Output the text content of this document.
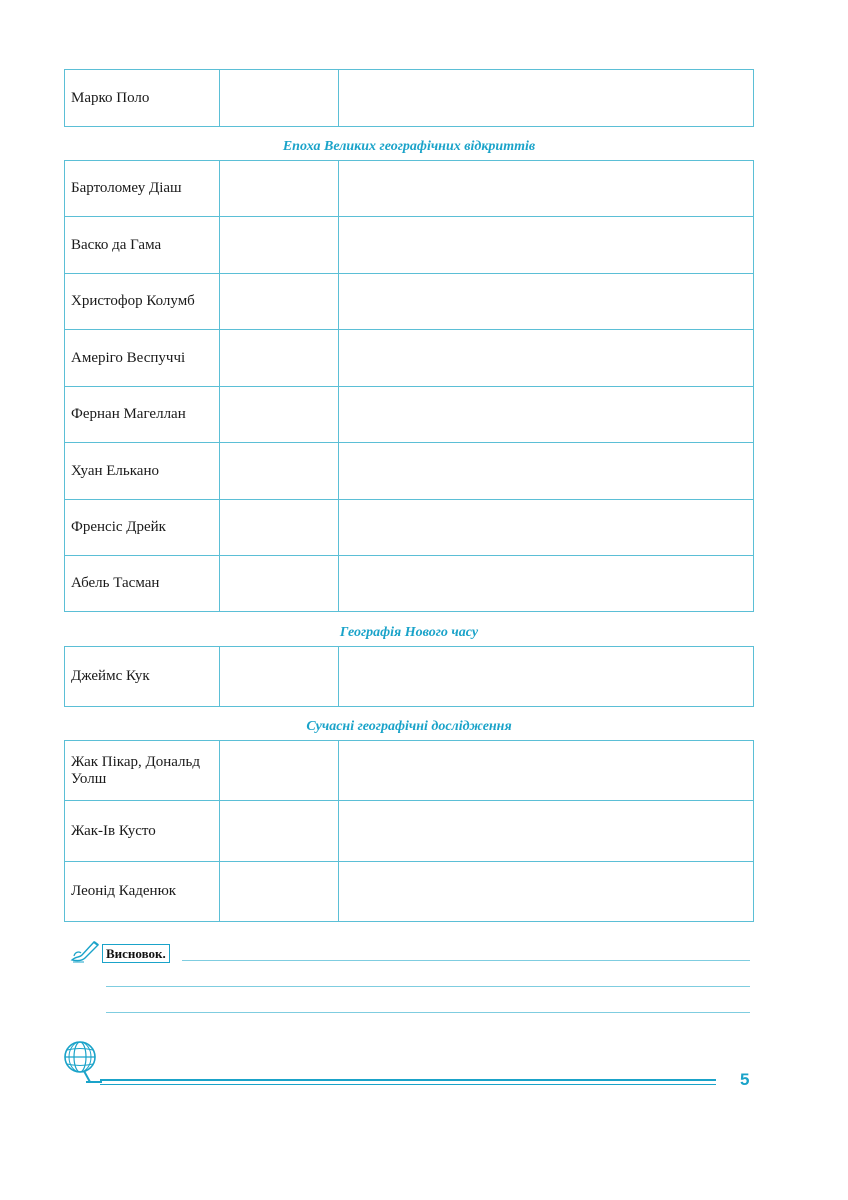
Марко Поло		
Епоха Великих географічних відкриттів
Бартоломеу Діаш		
Васко да Гама		
Христофор Колумб		
Амеріго Веспуччі		
Фернан Магеллан		
Хуан Елькано		
Френсіс Дрейк		
Абель Тасман		
Географія Нового часу
Джеймс Кук		
Сучасні географічні дослідження
Жак Пікар, Дональд Уолш		
Жак-Ів Кусто		
Леонід Каденюк		
Висновок.
5
